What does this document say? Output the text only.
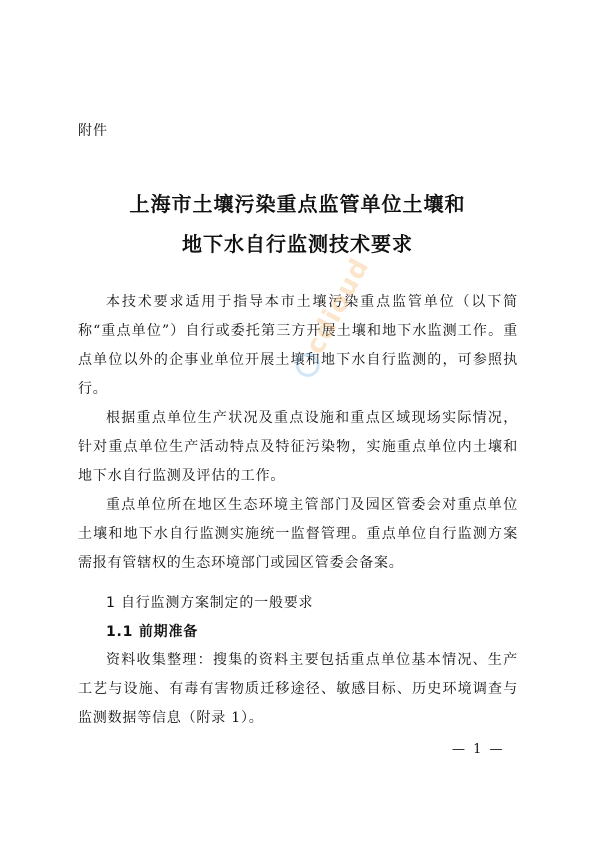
附件
上海市土壤污染重点监管单位土壤和
地下水自行监测技术要求

本技术要求适用于指导本市土壤污染重点监管单位（以下简称“重点单位”）自行或委托第三方开展土壤和地下水监测工作。重点单位以外的企事业单位开展土壤和地下水自行监测的，可参照执行。

根据重点单位生产状况及重点设施和重点区域现场实际情况，针对重点单位生产活动特点及特征污染物，实施重点单位内土壤和地下水自行监测及评估的工作。

重点单位所在地区生态环境主管部门及园区管委会对重点单位土壤和地下水自行监测实施统一监督管理。重点单位自行监测方案需报有管辖权的生态环境部门或园区管委会备案。

1 自行监测方案制定的一般要求
1.1 前期准备

资料收集整理：搜集的资料主要包括重点单位基本情况、生产工艺与设施、有毒有害物质迁移途径、敏感目标、历史环境调查与监测数据等信息（附录 1）。

— 1 —
cdioud
